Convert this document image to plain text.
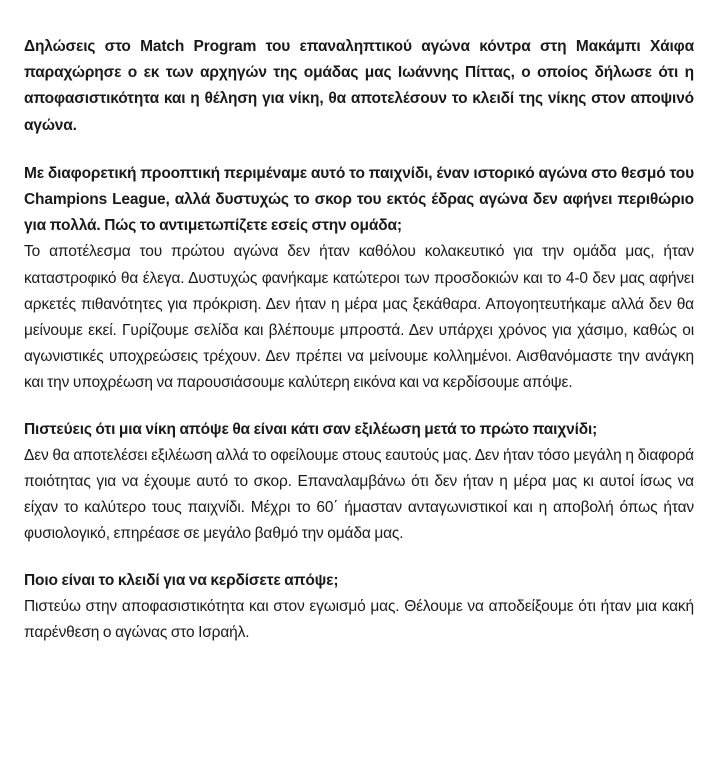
Δηλώσεις στο Match Program του επαναληπτικού αγώνα κόντρα στη Μακάμπι Χάιφα παραχώρησε ο εκ των αρχηγών της ομάδας μας Ιωάννης Πίττας, ο οποίος δήλωσε ότι η αποφασιστικότητα και η θέληση για νίκη, θα αποτελέσουν το κλειδί της νίκης στον αποψινό αγώνα.

Με διαφορετική προοπτική περιμέναμε αυτό το παιχνίδι, έναν ιστορικό αγώνα στο θεσμό του Champions League, αλλά δυστυχώς το σκορ του εκτός έδρας αγώνα δεν αφήνει περιθώριο για πολλά. Πώς το αντιμετωπίζετε εσείς στην ομάδα;

Το αποτέλεσμα του πρώτου αγώνα δεν ήταν καθόλου κολακευτικό για την ομάδα μας, ήταν καταστροφικό θα έλεγα. Δυστυχώς φανήκαμε κατώτεροι των προσδοκιών και το 4-0 δεν μας αφήνει αρκετές πιθανότητες για πρόκριση. Δεν ήταν η μέρα μας ξεκάθαρα. Απογοητευτήκαμε αλλά δεν θα μείνουμε εκεί. Γυρίζουμε σελίδα και βλέπουμε μπροστά. Δεν υπάρχει χρόνος για χάσιμο, καθώς οι αγωνιστικές υποχρεώσεις τρέχουν. Δεν πρέπει να μείνουμε κολλημένοι. Αισθανόμαστε την ανάγκη και την υποχρέωση να παρουσιάσουμε καλύτερη εικόνα και να κερδίσουμε απόψε.

Πιστεύεις ότι μια νίκη απόψε θα είναι κάτι σαν εξιλέωση μετά το πρώτο παιχνίδι;

Δεν θα αποτελέσει εξιλέωση αλλά το οφείλουμε στους εαυτούς μας. Δεν ήταν τόσο μεγάλη η διαφορά ποιότητας για να έχουμε αυτό το σκορ. Επαναλαμβάνω ότι δεν ήταν η μέρα μας κι αυτοί ίσως να είχαν το καλύτερο τους παιχνίδι. Μέχρι το 60΄ ήμασταν ανταγωνιστικοί και η αποβολή όπως ήταν φυσιολογικό, επηρέασε σε μεγάλο βαθμό την ομάδα μας.

Ποιο είναι το κλειδί για να κερδίσετε απόψε;

Πιστεύω στην αποφασιστικότητα και στον εγωισμό μας. Θέλουμε να αποδείξουμε ότι ήταν μια κακή παρένθεση ο αγώνας στο Ισραήλ.
